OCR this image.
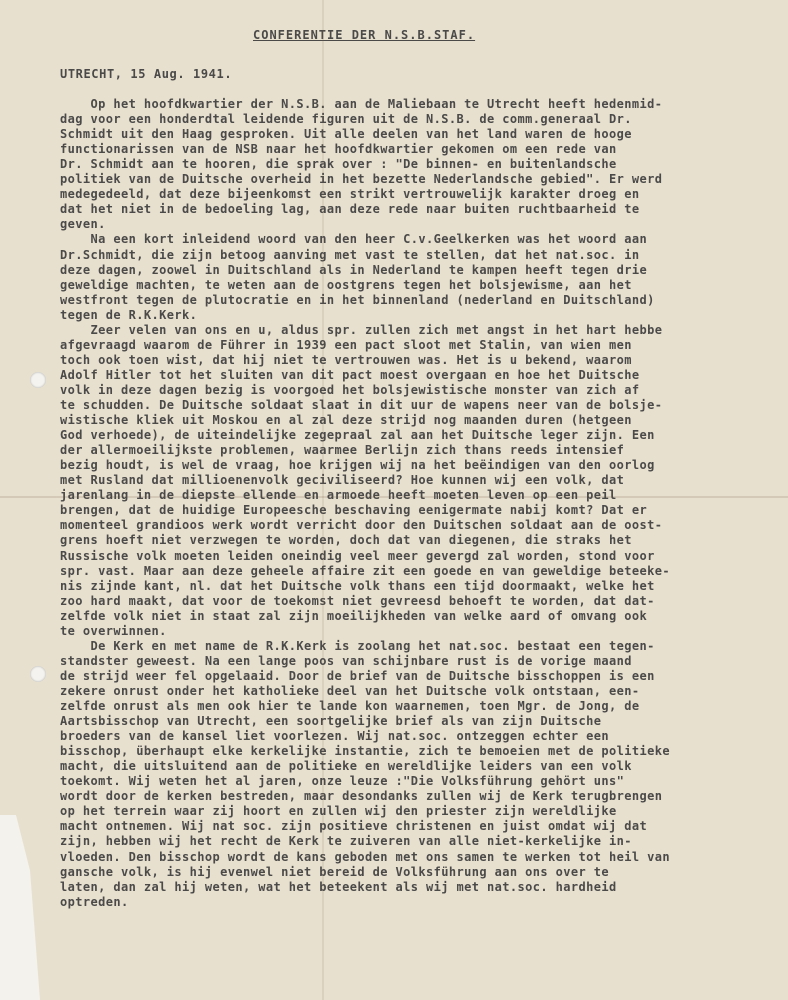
CONFERENTIE DER N.S.B.STAF.
UTRECHT, 15 Aug. 1941.
Op het hoofdkwartier der N.S.B. aan de Maliebaan te Utrecht heeft hedenmid-
dag voor een honderdtal leidende figuren uit de N.S.B. de comm.generaal Dr.
Schmidt uit den Haag gesproken. Uit alle deelen van het land waren de hooge
functionarissen van de NSB naar het hoofdkwartier gekomen om een rede van
Dr. Schmidt aan te hooren, die sprak over : "De binnen- en buitenlandsche
politiek van de Duitsche overheid in het bezette Nederlandsche gebied". Er werd
medegedeeld, dat deze bijeenkomst een strikt vertrouwelijk karakter droeg en
dat het niet in de bedoeling lag, aan deze rede naar buiten ruchtbaarheid te
geven.
Na een kort inleidend woord van den heer C.v.Geelkerken was het woord aan
Dr.Schmidt, die zijn betoog aanving met vast te stellen, dat het nat.soc. in
deze dagen, zoowel in Duitschland als in Nederland te kampen heeft tegen drie
geweldige machten, te weten aan de oostgrens tegen het bolsjewisme, aan het
westfront tegen de plutocratie en in het binnenland (nederland en Duitschland)
tegen de R.K.Kerk.
Zeer velen van ons en u, aldus spr. zullen zich met angst in het hart hebbe
afgevraagd waarom de Führer in 1939 een pact sloot met Stalin, van wien men
toch ook toen wist, dat hij niet te vertrouwen was. Het is u bekend, waarom
Adolf Hitler tot het sluiten van dit pact moest overgaan en hoe het Duitsche
volk in deze dagen bezig is voorgoed het bolsjewistische monster van zich af
te schudden. De Duitsche soldaat slaat in dit uur de wapens neer van de bolsje-
wistische kliek uit Moskou en al zal deze strijd nog maanden duren (hetgeen
God verhoede), de uiteindelijke zegepraal zal aan het Duitsche leger zijn. Een
der allermoeilijkste problemen, waarmee Berlijn zich thans reeds intensief
bezig houdt, is wel de vraag, hoe krijgen wij na het beëindigen van den oorlog
met Rusland dat millioenenvolk geciviliseerd? Hoe kunnen wij een volk, dat
jarenlang in de diepste ellende en armoede heeft moeten leven op een peil
brengen, dat de huidige Europeesche beschaving eenigermate nabij komt? Dat er
momenteel grandioos werk wordt verricht door den Duitschen soldaat aan de oost-
grens hoeft niet verzwegen te worden, doch dat van diegenen, die straks het
Russische volk moeten leiden oneindig veel meer gevergd zal worden, stond voor
spr. vast. Maar aan deze geheele affaire zit een goede en van geweldige beteeke-
nis zijnde kant, nl. dat het Duitsche volk thans een tijd doormaakt, welke het
zoo hard maakt, dat voor de toekomst niet gevreesd behoeft te worden, dat dat-
zelfde volk niet in staat zal zijn moeilijkheden van welke aard of omvang ook
te overwinnen.
De Kerk en met name de R.K.Kerk is zoolang het nat.soc. bestaat een tegen-
standster geweest. Na een lange poos van schijnbare rust is de vorige maand
de strijd weer fel opgelaaid. Door de brief van de Duitsche bisschoppen is een
zekere onrust onder het katholieke deel van het Duitsche volk ontstaan, een-
zelfde onrust als men ook hier te lande kon waarnemen, toen Mgr. de Jong, de
Aartsbisschop van Utrecht, een soortgelijke brief als van zijn Duitsche
broeders van de kansel liet voorlezen. Wij nat.soc. ontzeggen echter een
bisschop, überhaupt elke kerkelijke instantie, zich te bemoeien met de politieke
macht, die uitsluitend aan de politieke en wereldlijke leiders van een volk
toekomt. Wij weten het al jaren, onze leuze :"Die Volksführung gehört uns"
wordt door de kerken bestreden, maar desondanks zullen wij de Kerk terugbrengen
op het terrein waar zij hoort en zullen wij den priester zijn wereldlijke
macht ontnemen. Wij nat soc. zijn positieve christenen en juist omdat wij dat
zijn, hebben wij het recht de Kerk te zuiveren van alle niet-kerkelijke in-
vloeden. Den bisschop wordt de kans geboden met ons samen te werken tot heil van
gansche volk, is hij evenwel niet bereid de Volksführung aan ons over te
laten, dan zal hij weten, wat het beteekent als wij met nat.soc. hardheid
optreden.
